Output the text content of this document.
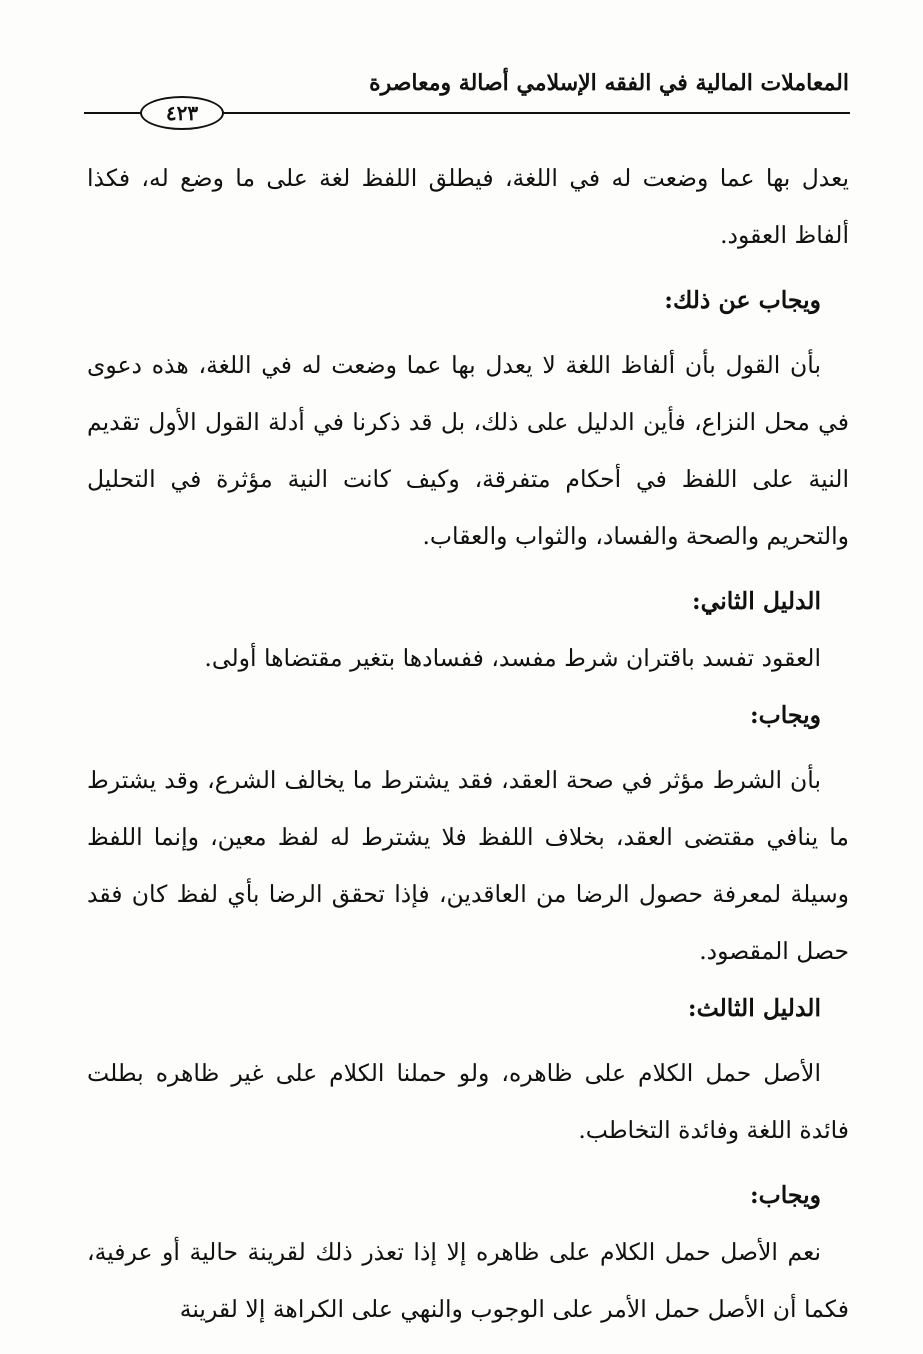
المعاملات المالية في الفقه الإسلامي أصالة ومعاصرة
٤٢٣

يعدل بها عما وضعت له في اللغة، فيطلق اللفظ لغة على ما وضع له، فكذا ألفاظ العقود.

ويجاب عن ذلك:

بأن القول بأن ألفاظ اللغة لا يعدل بها عما وضعت له في اللغة، هذه دعوى في محل النزاع، فأين الدليل على ذلك، بل قد ذكرنا في أدلة القول الأول تقديم النية على اللفظ في أحكام متفرقة، وكيف كانت النية مؤثرة في التحليل والتحريم والصحة والفساد، والثواب والعقاب.

الدليل الثاني:

العقود تفسد باقتران شرط مفسد، ففسادها بتغير مقتضاها أولى.

ويجاب:

بأن الشرط مؤثر في صحة العقد، فقد يشترط ما يخالف الشرع، وقد يشترط ما ينافي مقتضى العقد، بخلاف اللفظ فلا يشترط له لفظ معين، وإنما اللفظ وسيلة لمعرفة حصول الرضا من العاقدين، فإذا تحقق الرضا بأي لفظ كان فقد حصل المقصود.

الدليل الثالث:

الأصل حمل الكلام على ظاهره، ولو حملنا الكلام على غير ظاهره بطلت فائدة اللغة وفائدة التخاطب.

ويجاب:

نعم الأصل حمل الكلام على ظاهره إلا إذا تعذر ذلك لقرينة حالية أو عرفية، فكما أن الأصل حمل الأمر على الوجوب والنهي على الكراهة إلا لقرينة
